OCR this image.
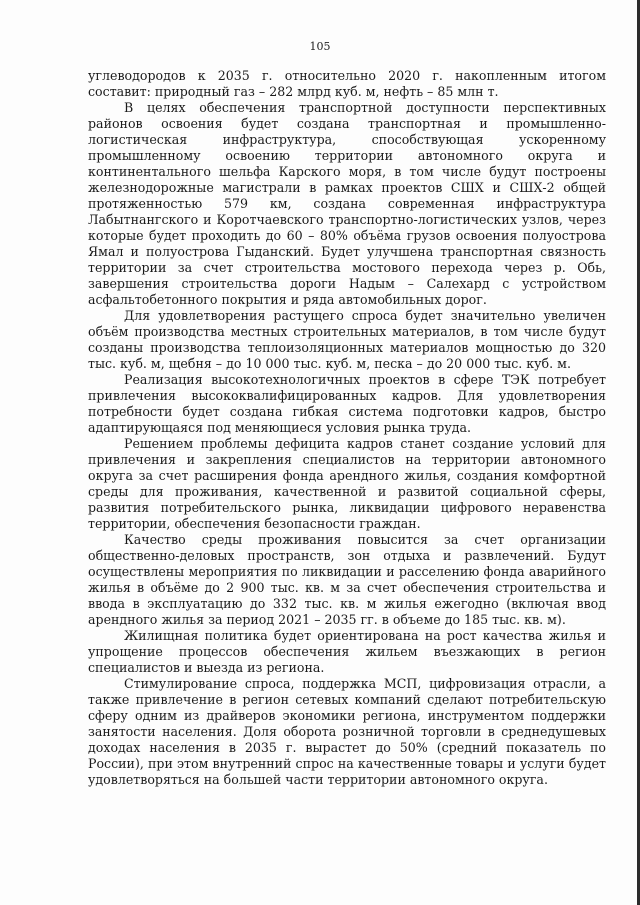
105

углеводородов к 2035 г. относительно 2020 г. накопленным итогом составит: природный газ – 282 млрд куб. м, нефть – 85 млн т.

В целях обеспечения транспортной доступности перспективных районов освоения будет создана транспортная и промышленно-логистическая инфраструктура, способствующая ускоренному промышленному освоению территории автономного округа и континентального шельфа Карского моря, в том числе будут построены железнодорожные магистрали в рамках проектов СШХ и СШХ-2 общей протяженностью 579 км, создана современная инфраструктура Лабытнангского и Коротчаевского транспортно-логистических узлов, через которые будет проходить до 60 – 80% объёма грузов освоения полуострова Ямал и полуострова Гыданский. Будет улучшена транспортная связность территории за счет строительства мостового перехода через р. Обь, завершения строительства дороги Надым – Салехард с устройством асфальтобетонного покрытия и ряда автомобильных дорог.

Для удовлетворения растущего спроса будет значительно увеличен объём производства местных строительных материалов, в том числе будут созданы производства теплоизоляционных материалов мощностью до 320 тыс. куб. м, щебня – до 10 000 тыс. куб. м, песка – до 20 000 тыс. куб. м.

Реализация высокотехнологичных проектов в сфере ТЭК потребует привлечения высококвалифицированных кадров. Для удовлетворения потребности будет создана гибкая система подготовки кадров, быстро адаптирующаяся под меняющиеся условия рынка труда.

Решением проблемы дефицита кадров станет создание условий для привлечения и закрепления специалистов на территории автономного округа за счет расширения фонда арендного жилья, создания комфортной среды для проживания, качественной и развитой социальной сферы, развития потребительского рынка, ликвидации цифрового неравенства территории, обеспечения безопасности граждан.

Качество среды проживания повысится за счет организации общественно-деловых пространств, зон отдыха и развлечений. Будут осуществлены мероприятия по ликвидации и расселению фонда аварийного жилья в объёме до 2 900 тыс. кв. м за счет обеспечения строительства и ввода в эксплуатацию до 332 тыс. кв. м жилья ежегодно (включая ввод арендного жилья за период 2021 – 2035 гг. в объеме до 185 тыс. кв. м).

Жилищная политика будет ориентирована на рост качества жилья и упрощение процессов обеспечения жильем въезжающих в регион специалистов и выезда из региона.

Стимулирование спроса, поддержка МСП, цифровизация отрасли, а также привлечение в регион сетевых компаний сделают потребительскую сферу одним из драйверов экономики региона, инструментом поддержки занятости населения. Доля оборота розничной торговли в среднедушевых доходах населения в 2035 г. вырастет до 50% (средний показатель по России), при этом внутренний спрос на качественные товары и услуги будет удовлетворяться на большей части территории автономного округа.
